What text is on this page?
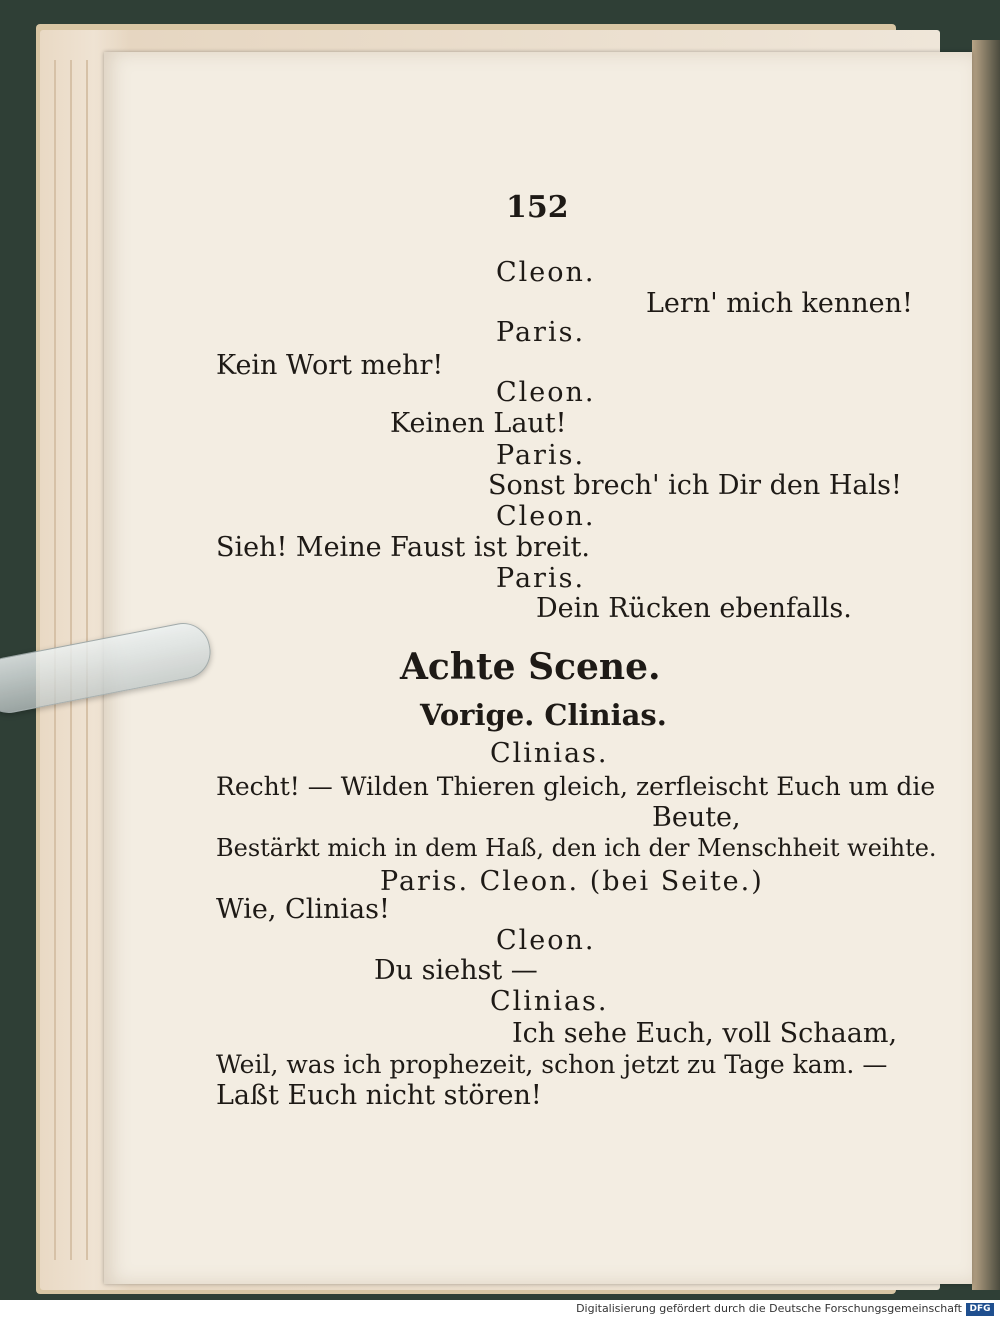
152
Cleon.
Lern' mich kennen!
Paris.
Kein Wort mehr!
Cleon.
Keinen Laut!
Paris.
Sonst brech' ich Dir den Hals!
Cleon.
Sieh! Meine Faust ist breit.
Paris.
Dein Rücken ebenfalls.
Achte Scene.
Vorige. Clinias.
Clinias.
Recht! — Wilden Thieren gleich, zerfleischt Euch um die
Beute,
Bestärkt mich in dem Haß, den ich der Menschheit weihte.
Paris. Cleon. (bei Seite.)
Wie, Clinias!
Cleon.
Du siehst —
Clinias.
Ich sehe Euch, voll Schaam,
Weil, was ich prophezeit, schon jetzt zu Tage kam. —
Laßt Euch nicht stören!
Digitalisierung gefördert durch die Deutsche Forschungsgemeinschaft DFG
